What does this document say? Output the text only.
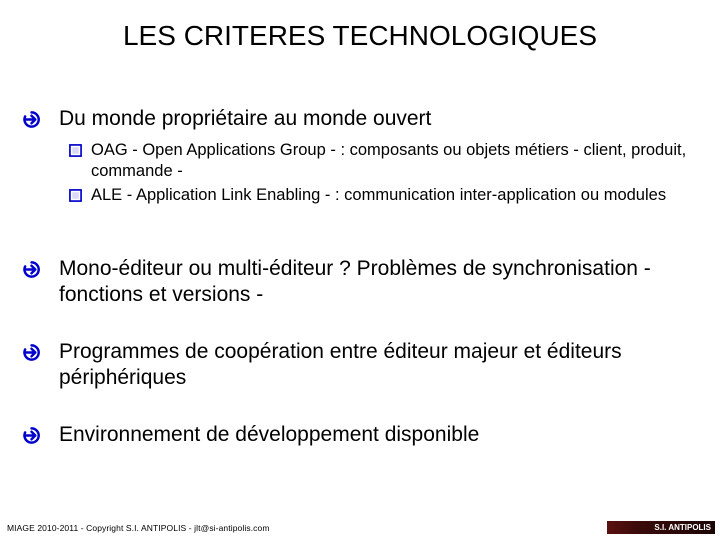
LES CRITERES TECHNOLOGIQUES
Du monde propriétaire au monde ouvert
OAG - Open Applications Group - : composants ou objets métiers - client, produit, commande -
ALE - Application Link Enabling - : communication inter-application ou modules
Mono-éditeur ou multi-éditeur ? Problèmes de synchronisation - fonctions et versions -
Programmes de coopération entre éditeur majeur et éditeurs périphériques
Environnement de développement disponible
MIAGE 2010-2011 - Copyright S.I. ANTIPOLIS - jlt@si-antipolis.com	S.I. ANTIPOLIS
